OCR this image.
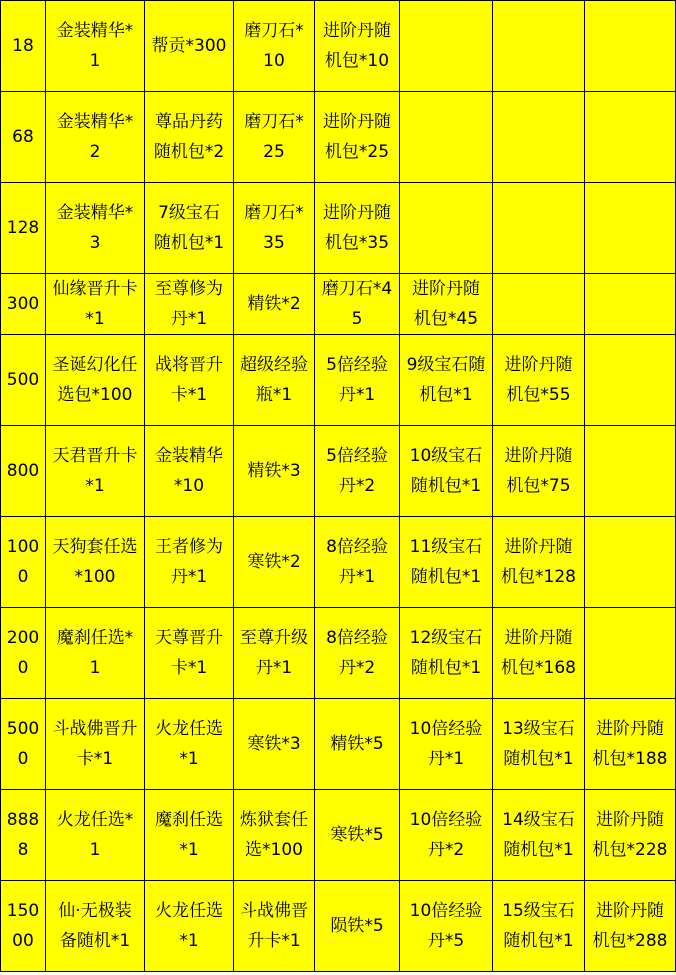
18	金装精华*1	帮贡*300	磨刀石*10	进阶丹随机包*10			
68	金装精华*2	尊品丹药随机包*2	磨刀石*25	进阶丹随机包*25			
128	金装精华*3	7级宝石随机包*1	磨刀石*35	进阶丹随机包*35			
300	仙缘晋升卡*1	至尊修为丹*1	精铁*2	磨刀石*45	进阶丹随机包*45		
500	圣诞幻化任选包*100	战将晋升卡*1	超级经验瓶*1	5倍经验丹*1	9级宝石随机包*1	进阶丹随机包*55	
800	天君晋升卡*1	金装精华*10	精铁*3	5倍经验丹*2	10级宝石随机包*1	进阶丹随机包*75	
1000	天狗套任选*100	王者修为丹*1	寒铁*2	8倍经验丹*1	11级宝石随机包*1	进阶丹随机包*128	
2000	魔刹任选*1	天尊晋升卡*1	至尊升级丹*1	8倍经验丹*2	12级宝石随机包*1	进阶丹随机包*168	
5000	斗战佛晋升卡*1	火龙任选*1	寒铁*3	精铁*5	10倍经验丹*1	13级宝石随机包*1	进阶丹随机包*188
8888	火龙任选*1	魔刹任选*1	炼狱套任选*100	寒铁*5	10倍经验丹*2	14级宝石随机包*1	进阶丹随机包*228
15000	仙·无极装备随机*1	火龙任选*1	斗战佛晋升卡*1	陨铁*5	10倍经验丹*5	15级宝石随机包*1	进阶丹随机包*288
